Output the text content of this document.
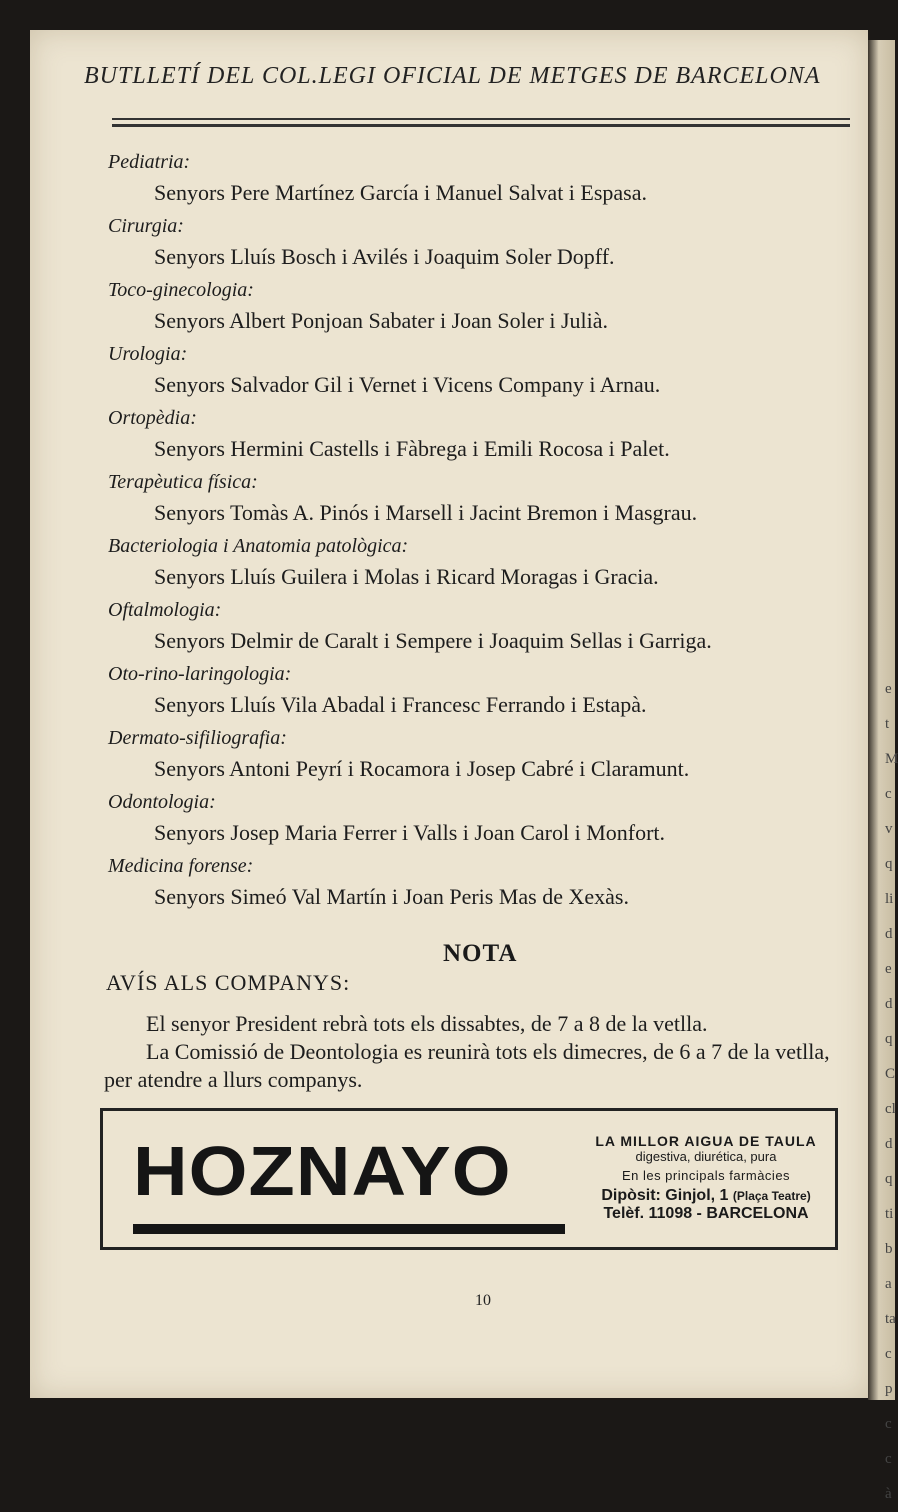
e
t
M
c
v
q
li
d
e
d
q
C
cl
d
q
ti
b
a
ta
c
p
c
c
à
BUTLLETÍ DEL COL.LEGI OFICIAL DE METGES DE BARCELONA
Pediatria:
Senyors Pere Martínez García i Manuel Salvat i Espasa.
Cirurgia:
Senyors Lluís Bosch i Avilés i Joaquim Soler Dopff.
Toco-ginecologia:
Senyors Albert Ponjoan Sabater i Joan Soler i Julià.
Urologia:
Senyors Salvador Gil i Vernet i Vicens Company i Arnau.
Ortopèdia:
Senyors Hermini Castells i Fàbrega i Emili Rocosa i Palet.
Terapèutica física:
Senyors Tomàs A. Pinós i Marsell i Jacint Bremon i Masgrau.
Bacteriologia i Anatomia patològica:
Senyors Lluís Guilera i Molas i Ricard Moragas i Gracia.
Oftalmologia:
Senyors Delmir de Caralt i Sempere i Joaquim Sellas i Garriga.
Oto-rino-laringologia:
Senyors Lluís Vila Abadal i Francesc Ferrando i Estapà.
Dermato-sifiliografia:
Senyors Antoni Peyrí i Rocamora i Josep Cabré i Claramunt.
Odontologia:
Senyors Josep Maria Ferrer i Valls i Joan Carol i Monfort.
Medicina forense:
Senyors Simeó Val Martín i Joan Peris Mas de Xexàs.
NOTA
AVÍS ALS COMPANYS:

El senyor President rebrà tots els dissabtes, de 7 a 8 de la vetlla.

La Comissió de Deontologia es reunirà tots els dimecres, de 6 a 7 de la vetlla, per atendre a llurs companys.

HOZNAYO	LA MILLOR AIGUA DE TAULA
digestiva, diurética, pura
En les principals farmàcies
Dipòsit: Ginjol, 1 (Plaça Teatre)
Telèf. 11098 - BARCELONA
10
